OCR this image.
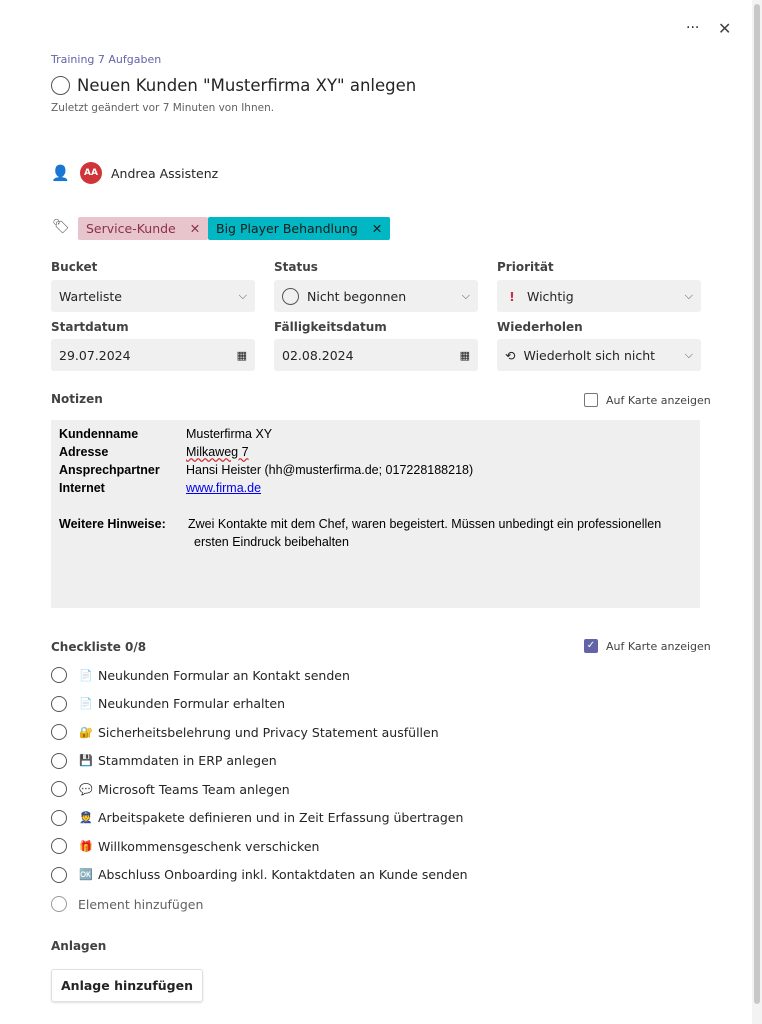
··· ✕
Training 7 Aufgaben
Neuen Kunden "Musterfirma XY" anlegen
Zuletzt geändert vor 7 Minuten von Ihnen.
👤	AA	Andrea Assistenz
🏷 Service-Kunde ✕ Big Player Behandlung ✕
Bucket	Status	Priorität
Warteliste	⌵	Nicht begonnen	⌵	! Wichtig	⌵
Startdatum	Fälligkeitsdatum	Wiederholen
29.07.2024	▦	02.08.2024	▦	⟲ Wiederholt sich nicht	⌵
Notizen	Auf Karte anzeigen
Kundenname	Musterfirma XY
Adresse	Milkaweg 7
Ansprechpartner	Hansi Heister (hh@musterfirma.de; 017228188218)
Internet	www.firma.de
Weitere Hinweise:	Zwei Kontakte mit dem Chef, waren begeistert. Müssen unbedingt ein professionellen
ersten Eindruck beibehalten
Checkliste 0/8	✓ Auf Karte anzeigen
📄 Neukunden Formular an Kontakt senden
📄 Neukunden Formular erhalten
🔐 Sicherheitsbelehrung und Privacy Statement ausfüllen
💾 Stammdaten in ERP anlegen
💬 Microsoft Teams Team anlegen
👮 Arbeitspakete definieren und in Zeit Erfassung übertragen
🎁 Willkommensgeschenk verschicken
🆗 Abschluss Onboarding inkl. Kontaktdaten an Kunde senden
Element hinzufügen
Anlagen
Anlage hinzufügen
